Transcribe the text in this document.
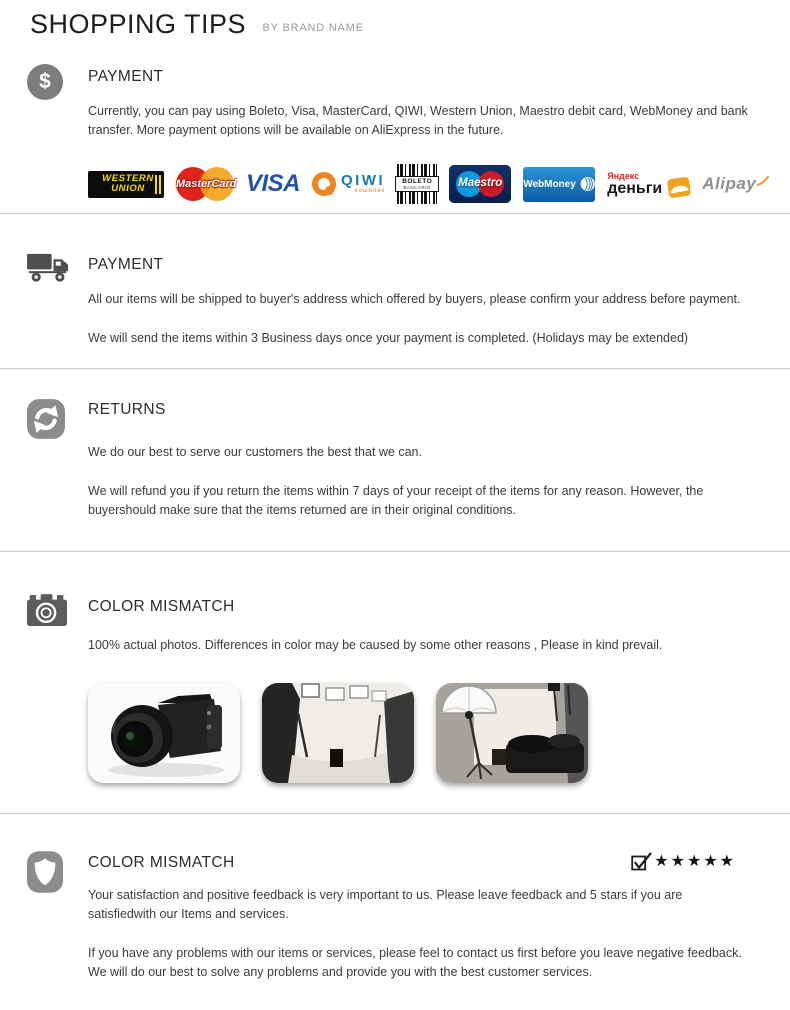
SHOPPING TIPS BY BRAND NAME
$	PAYMENT

Currently, you can pay using Boleto, Visa, MasterCard, QIWI, Western Union, Maestro debit card, WebMoney and bank transfer. More payment options will be available on AliExpress in the future.

WESTERN
UNION	MasterCard VISA	QIWI
кошелек
BOLETO
BANCARIO	Maestro	WebMoney
Яндекс
деньги Alipay
PAYMENT

All our items will be shipped to buyer's address which offered by buyers, please confirm your address before payment.

We will send the items within 3 Business days once your payment is completed. (Holidays may be extended)

RETURNS

We do our best to serve our customers the best that we can.

We will refund you if you return the items within 7 days of your receipt of the items for any reason. However, the buyershould make sure that the items returned are in their original conditions.

COLOR MISMATCH

100% actual photos. Differences in color may be caused by some other reasons , Please in kind prevail.

COLOR MISMATCH	★★★★★

Your satisfaction and positive feedback is very important to us. Please leave feedback and 5 stars if you are satisfiedwith our Items and services.

If you have any problems with our items or services, please feel to contact us first before you leave negative feedback. We will do our best to solve any problems and provide you with the best customer services.
